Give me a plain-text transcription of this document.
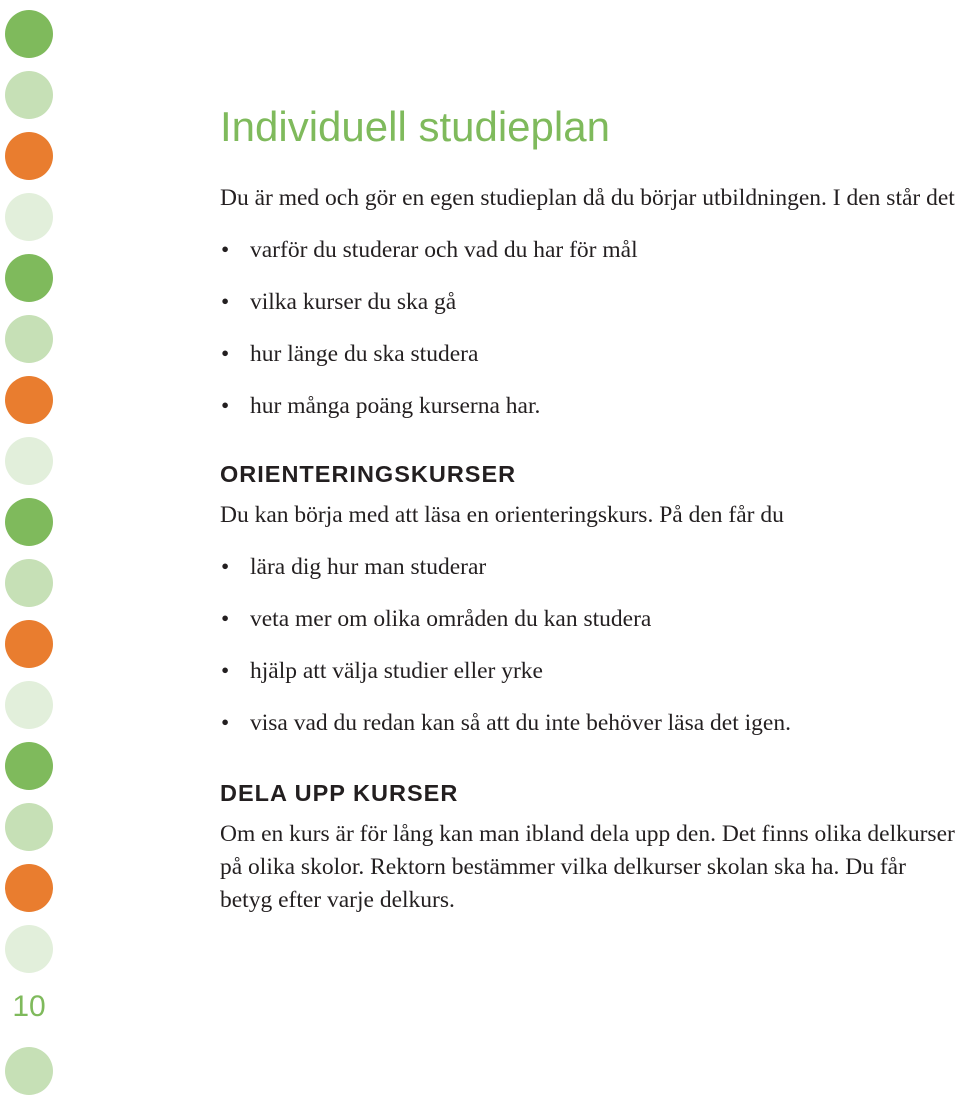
10
Individuell studieplan

Du är med och gör en egen studieplan då du börjar utbildningen. I den står det

• varför du studerar och vad du har för mål
• vilka kurser du ska gå
• hur länge du ska studera
• hur många poäng kurserna har.
ORIENTERINGSKURSER

Du kan börja med att läsa en orienteringskurs. På den får du

• lära dig hur man studerar
• veta mer om olika områden du kan studera
• hjälp att välja studier eller yrke
• visa vad du redan kan så att du inte behöver läsa det igen.
DELA UPP KURSER

Om en kurs är för lång kan man ibland dela upp den. Det finns olika delkurser på olika skolor. Rektorn bestämmer vilka delkurser skolan ska ha. Du får betyg efter varje delkurs.
